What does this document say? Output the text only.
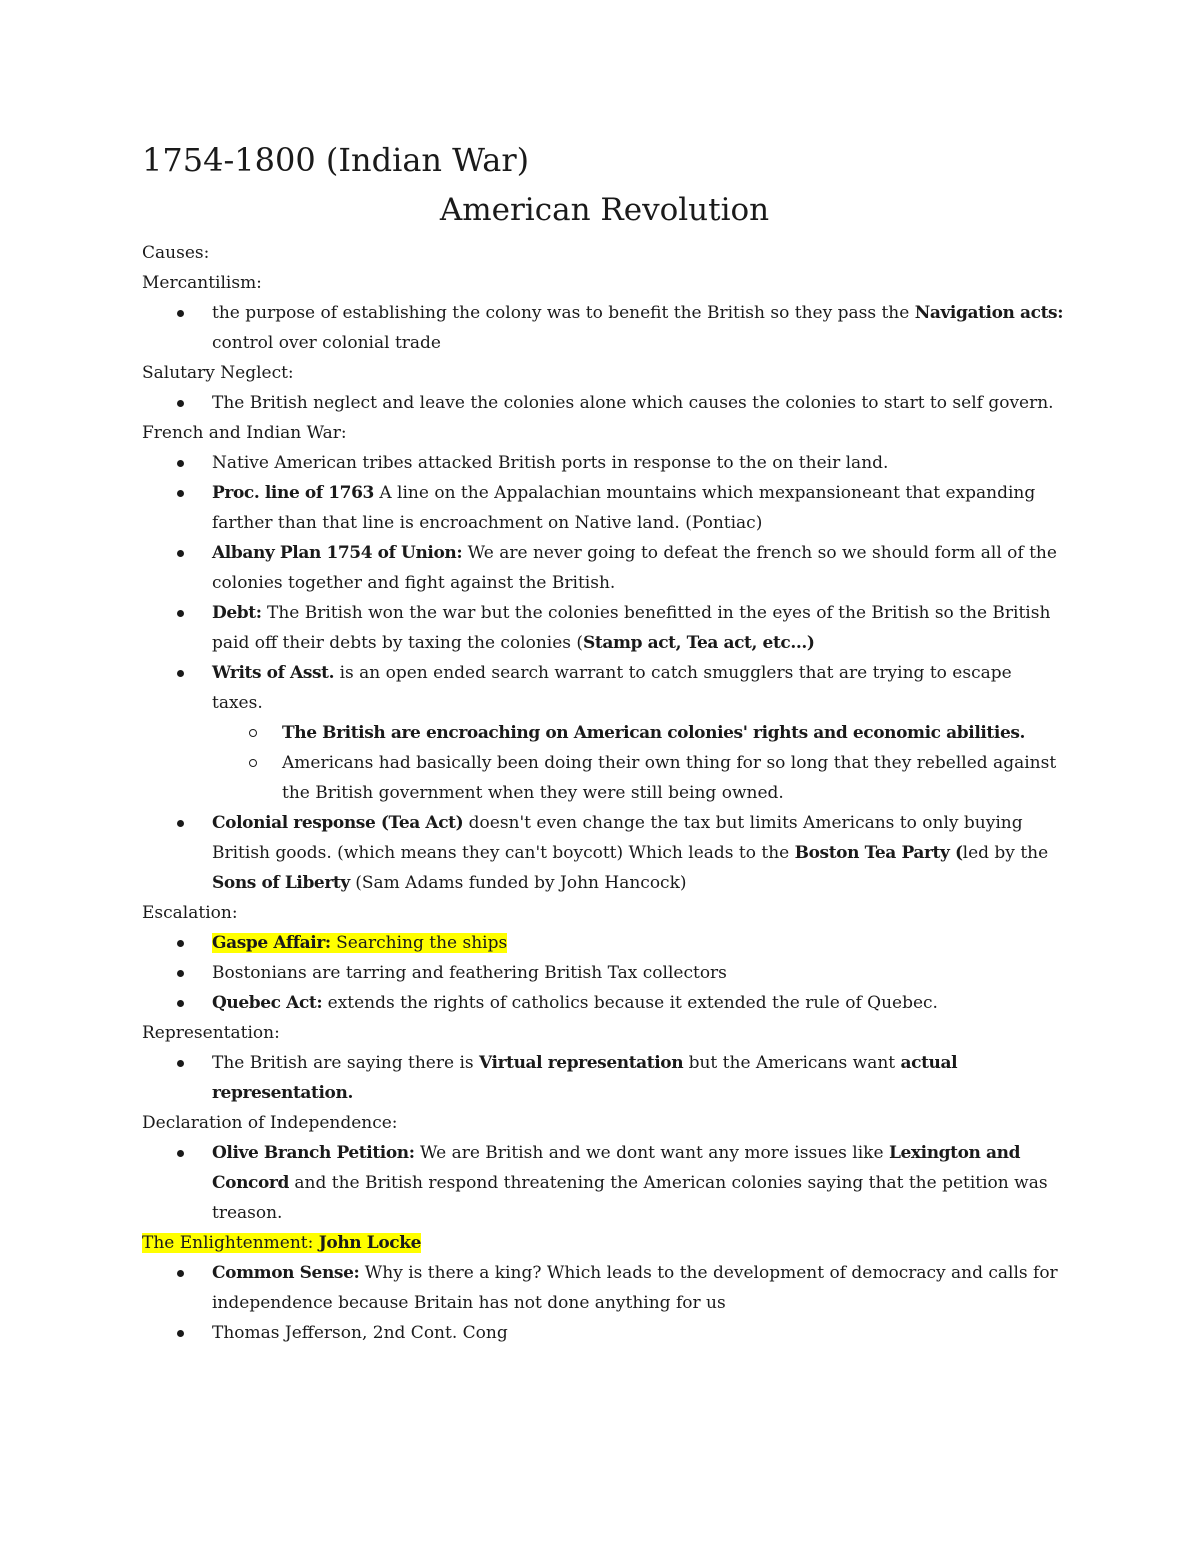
1754-1800 (Indian War)
American Revolution

Causes:

Mercantilism:

the purpose of establishing the colony was to benefit the British so they pass the Navigation acts: control over colonial trade

Salutary Neglect:

The British neglect and leave the colonies alone which causes the colonies to start to self govern.

French and Indian War:

Native American tribes attacked British ports in response to the on their land.
Proc. line of 1763 A line on the Appalachian mountains which mexpansioneant that expanding farther than that line is encroachment on Native land. (Pontiac)
Albany Plan 1754 of Union: We are never going to defeat the french so we should form all of the colonies together and fight against the British.
Debt: The British won the war but the colonies benefitted in the eyes of the British so the British paid off their debts by taxing the colonies (Stamp act, Tea act, etc...)
Writs of Asst. is an open ended search warrant to catch smugglers that are trying to escape taxes.
The British are encroaching on American colonies' rights and economic abilities.
Americans had basically been doing their own thing for so long that they rebelled against the British government when they were still being owned.
Colonial response (Tea Act) doesn't even change the tax but limits Americans to only buying British goods. (which means they can't boycott) Which leads to the Boston Tea Party (led by the Sons of Liberty (Sam Adams funded by John Hancock)

Escalation:

Gaspe Affair: Searching the ships
Bostonians are tarring and feathering British Tax collectors
Quebec Act: extends the rights of catholics because it extended the rule of Quebec.

Representation:

The British are saying there is Virtual representation but the Americans want actual representation.

Declaration of Independence:

Olive Branch Petition: We are British and we dont want any more issues like Lexington and Concord and the British respond threatening the American colonies saying that the petition was treason.

The Enlightenment: John Locke

Common Sense: Why is there a king? Which leads to the development of democracy and calls for independence because Britain has not done anything for us
Thomas Jefferson, 2nd Cont. Cong
